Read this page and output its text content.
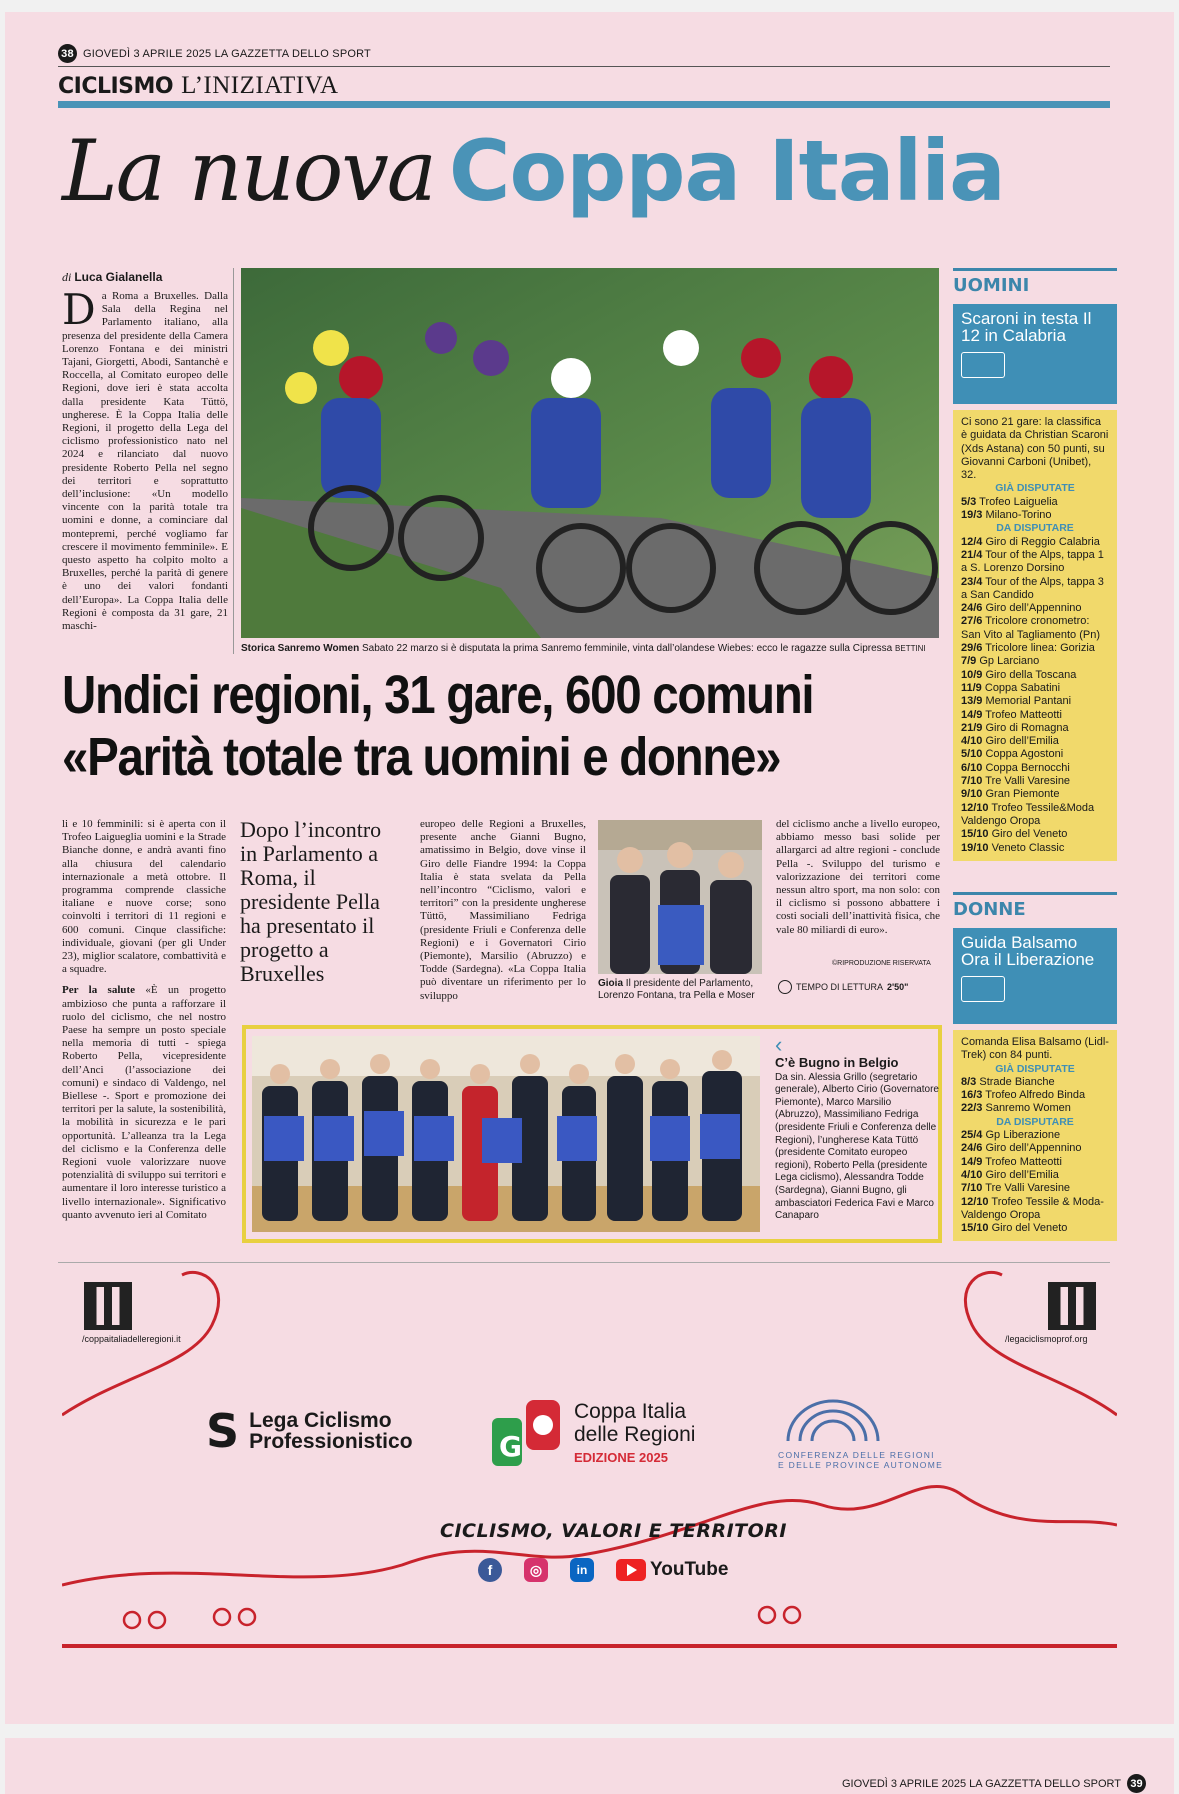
38 GIOVEDÌ 3 APRILE 2025 LA GAZZETTA DELLO SPORT
CICLISMO L’INIZIATIVA
La nuova Coppa Italia
di Luca Gialanella
D a Roma a Bruxelles. Dalla Sala della Regina nel Parlamento italiano, alla presenza del presidente della Camera Lorenzo Fontana e dei ministri Tajani, Giorgetti, Abodi, Santanchè e Roccella, al Comitato europeo delle Regioni, dove ieri è stata accolta dalla presidente Kata Tüttö, ungherese. È la Coppa Italia delle Regioni, il progetto della Lega del ciclismo professionistico nato nel 2024 e rilanciato dal nuovo presidente Roberto Pella nel segno dei territori e soprattutto dell’inclusione: «Un modello vincente con la parità totale tra uomini e donne, a cominciare dal montepremi, perché vogliamo far crescere il movimento femminile». E questo aspetto ha colpito molto a Bruxelles, perché la parità di genere è uno dei valori fondanti dell’Europa». La Coppa Italia delle Regioni è composta da 31 gare, 21 maschi-
Storica Sanremo Women Sabato 22 marzo si è disputata la prima Sanremo femminile, vinta dall’olandese Wiebes: ecco le ragazze sulla Cipressa BETTINI
Undici regioni, 31 gare, 600 comuni
«Parità totale tra uomini e donne»

li e 10 femminili: si è aperta con il Trofeo Laigueglia uomini e la Strade Bianche donne, e andrà avanti fino alla chiusura del calendario internazionale a metà ottobre. Il programma comprende classiche italiane e nuove corse; sono coinvolti i territori di 11 regioni e 600 comuni. Cinque classifiche: individuale, giovani (per gli Under 23), miglior scalatore, combattività e a squadre.

Per la salute «È un progetto ambizioso che punta a rafforzare il ruolo del ciclismo, che nel nostro Paese ha sempre un posto speciale nella memoria di tutti - spiega Roberto Pella, vicepresidente dell’Anci (l’associazione dei comuni) e sindaco di Valdengo, nel Biellese -. Sport e promozione dei territori per la salute, la sostenibilità, la mobilità in sicurezza e le pari opportunità. L’alleanza tra la Lega del ciclismo e la Conferenza delle Regioni vuole valorizzare nuove potenzialità di sviluppo sui territori e aumentare il loro interesse turistico a livello internazionale». Significativo quanto avvenuto ieri al Comitato

Dopo l’incontro in Parlamento a Roma, il presidente Pella ha presentato il progetto a Bruxelles

europeo delle Regioni a Bruxelles, presente anche Gianni Bugno, amatissimo in Belgio, dove vinse il Giro delle Fiandre 1994: la Coppa Italia è stata svelata da Pella nell’incontro “Ciclismo, valori e territori” con la presidente ungherese Tüttö, Massimiliano Fedriga (presidente Friuli e Conferenza delle Regioni) e i Governatori Cirio (Piemonte), Marsilio (Abruzzo) e Todde (Sardegna). «La Coppa Italia può diventare un riferimento per lo sviluppo

Gioia Il presidente del Parlamento, Lorenzo Fontana, tra Pella e Moser

del ciclismo anche a livello europeo, abbiamo messo basi solide per allargarci ad altre regioni - conclude Pella -. Sviluppo del turismo e valorizzazione dei territori come nessun altro sport, ma non solo: con il ciclismo si possono abbattere i costi sociali dell’inattività fisica, che vale 80 miliardi di euro».

©RIPRODUZIONE RISERVATA
TEMPO DI LETTURA 2'50"
‹
C’è Bugno in Belgio
Da sin. Alessia Grillo (segretario generale), Alberto Cirio (Governatore Piemonte), Marco Marsilio (Abruzzo), Massimiliano Fedriga (presidente Friuli e Conferenza delle Regioni), l’ungherese Kata Tüttö (presidente Comitato europeo regioni), Roberto Pella (presidente Lega ciclismo), Alessandra Todde (Sardegna), Gianni Bugno, gli ambasciatori Federica Favi e Marco Canaparo
UOMINI
Scaroni in testa Il 12 in Calabria
Ci sono 21 gare: la classifica è guidata da Christian Scaroni (Xds Astana) con 50 punti, su Giovanni Carboni (Unibet), 32.
GIÀ DISPUTATE
5/3 Trofeo Laiguelia
19/3 Milano-Torino
DA DISPUTARE
12/4 Giro di Reggio Calabria
21/4 Tour of the Alps, tappa 1 a S. Lorenzo Dorsino
23/4 Tour of the Alps, tappa 3 a San Candido
24/6 Giro dell’Appennino
27/6 Tricolore cronometro: San Vito al Tagliamento (Pn)
29/6 Tricolore linea: Gorizia
7/9 Gp Larciano
10/9 Giro della Toscana
11/9 Coppa Sabatini
13/9 Memorial Pantani
14/9 Trofeo Matteotti
21/9 Giro di Romagna
4/10 Giro dell’Emilia
5/10 Coppa Agostoni
6/10 Coppa Bernocchi
7/10 Tre Valli Varesine
9/10 Gran Piemonte
12/10 Trofeo Tessile&Moda Valdengo Oropa
15/10 Giro del Veneto
19/10 Veneto Classic
DONNE
Guida Balsamo Ora il Liberazione
Comanda Elisa Balsamo (Lidl-Trek) con 84 punti.
GIÀ DISPUTATE
8/3 Strade Bianche
16/3 Trofeo Alfredo Binda
22/3 Sanremo Women
DA DISPUTARE
25/4 Gp Liberazione
24/6 Giro dell’Appennino
14/9 Trofeo Matteotti
4/10 Giro dell’Emilia
7/10 Tre Valli Varesine
12/10 Trofeo Tessile & Moda-Valdengo Oropa
15/10 Giro del Veneto
/coppaitaliadelleregioni.it	/legaciclismoprof.org
S Lega Ciclismo
Professionistico	G
Coppa Italia
delle Regioni
EDIZIONE 2025	CONFERENZA DELLE REGIONI
E DELLE PROVINCE AUTONOME
CICLISMO, VALORI E TERRITORI
f	◎	in	YouTube
GIOVEDÌ 3 APRILE 2025 LA GAZZETTA DELLO SPORT 39
